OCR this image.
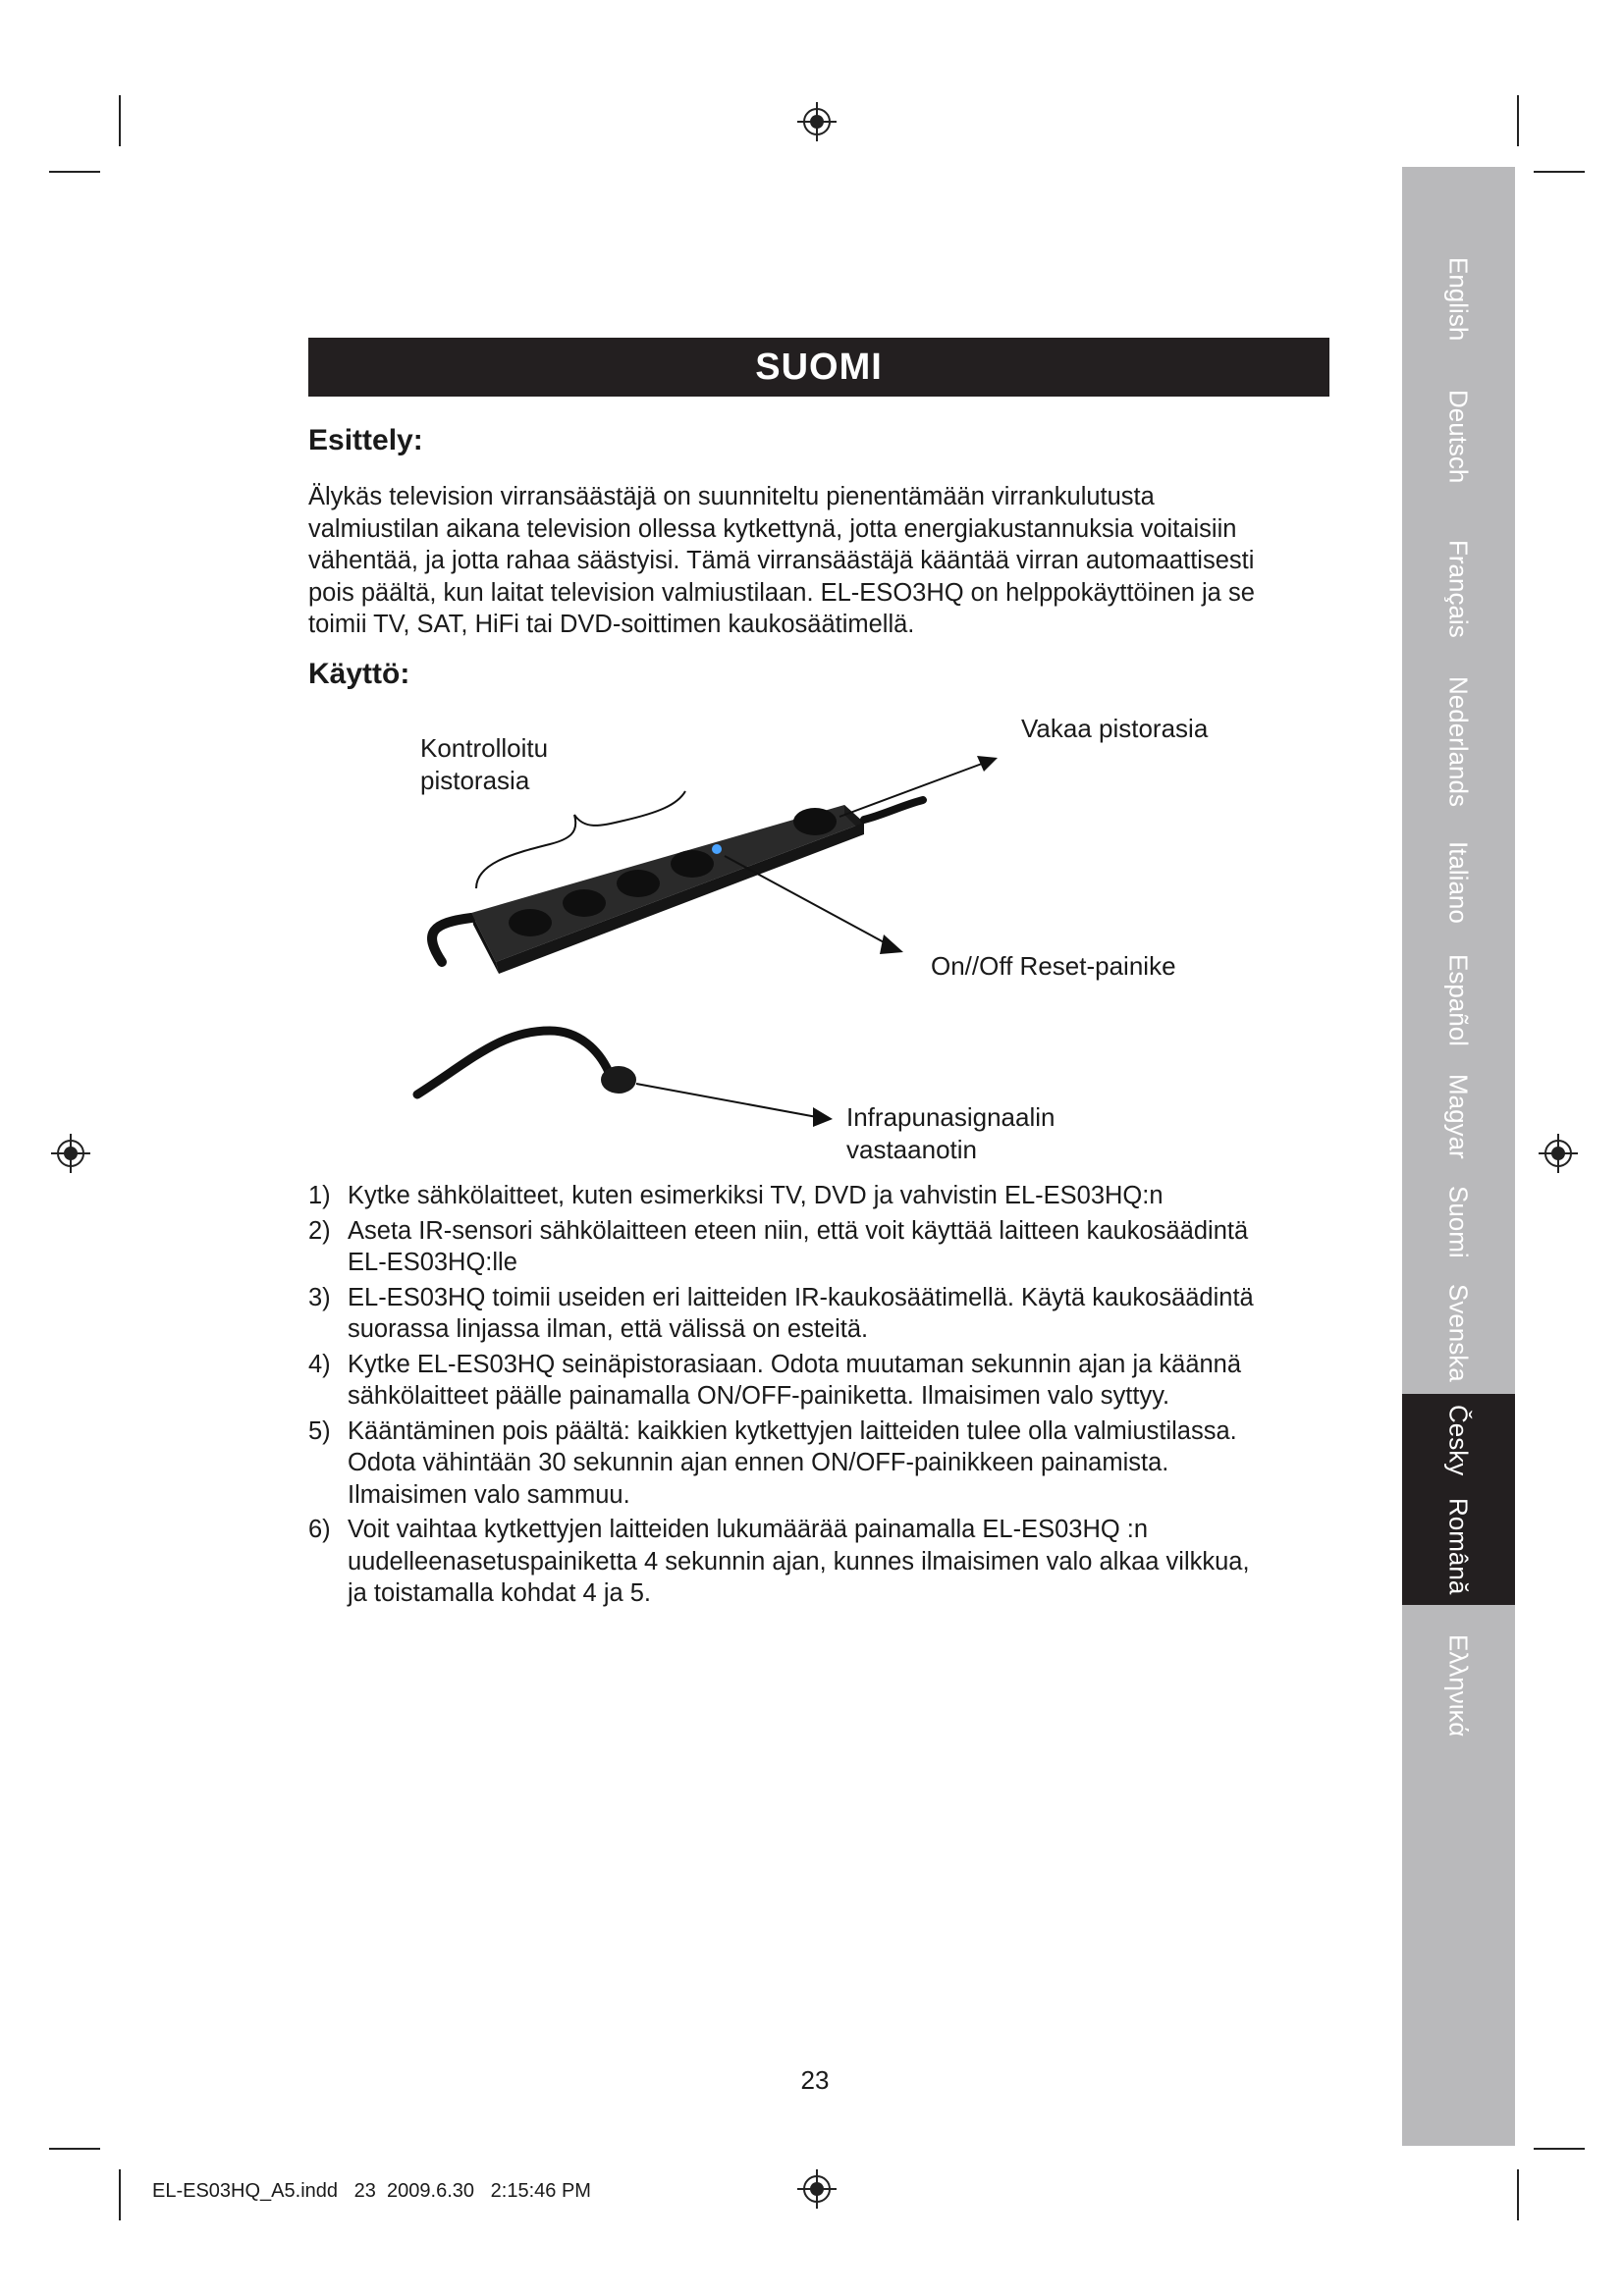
English
Deutsch
Français
Nederlands
Italiano
Español
Magyar
Suomi
Svenska
Česky
Română
Ελληνικά
SUOMI
Esittely:
Älykäs television virransäästäjä on suunniteltu pienentämään virrankulutusta
valmiustilan aikana television ollessa kytkettynä, jotta energiakustannuksia voitaisiin
vähentää, ja jotta rahaa säästyisi. Tämä virransäästäjä kääntää virran automaattisesti
pois päältä, kun laitat television valmiustilaan. EL-ESO3HQ on helppokäyttöinen ja se
toimii TV, SAT, HiFi tai DVD-soittimen kaukosäätimellä.
Käyttö:
Kontrolloitu
pistorasia
Vakaa pistorasia
On//Off Reset-painike
Infrapunasignaalin
vastaanotin
1) Kytke sähkölaitteet, kuten esimerkiksi TV, DVD ja vahvistin EL-ES03HQ:n
2) Aseta IR-sensori sähkölaitteen eteen niin, että voit käyttää laitteen kaukosäädintä
EL-ES03HQ:lle
3) EL-ES03HQ toimii useiden eri laitteiden IR-kaukosäätimellä. Käytä kaukosäädintä
suorassa linjassa ilman, että välissä on esteitä.
4) Kytke EL-ES03HQ seinäpistorasiaan. Odota muutaman sekunnin ajan ja käännä
sähkölaitteet päälle painamalla ON/OFF-painiketta. Ilmaisimen valo syttyy.
5) Kääntäminen pois päältä: kaikkien kytkettyjen laitteiden tulee olla valmiustilassa.
Odota vähintään 30 sekunnin ajan ennen ON/OFF-painikkeen painamista.
Ilmaisimen valo sammuu.
6) Voit vaihtaa kytkettyjen laitteiden lukumäärää painamalla EL-ES03HQ :n
uudelleenasetuspainiketta 4 sekunnin ajan, kunnes ilmaisimen valo alkaa vilkkua,
ja toistamalla kohdat 4 ja 5.
23
EL-ES03HQ_A5.indd   23  2009.6.30   2:15:46 PM
